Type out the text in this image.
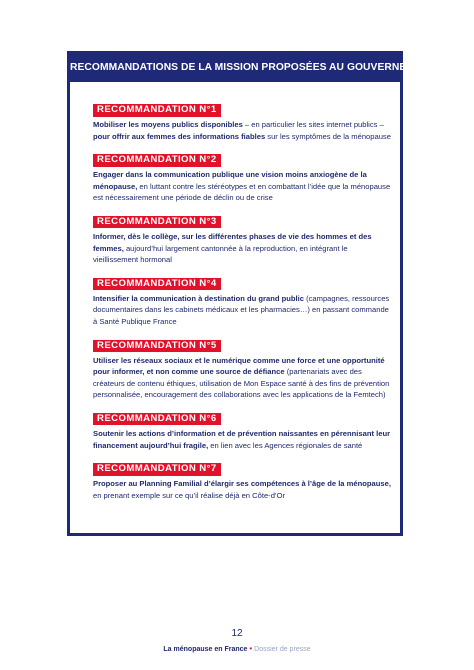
RECOMMANDATIONS DE LA MISSION PROPOSÉES AU GOUVERNEMENT
RECOMMANDATION N°1
Mobiliser les moyens publics disponibles – en particulier les sites internet publics – pour offrir aux femmes des informations fiables sur les symptômes de la ménopause
RECOMMANDATION N°2
Engager dans la communication publique une vision moins anxiogène de la ménopause, en luttant contre les stéréotypes et en combattant l’idée que la ménopause est nécessairement une période de déclin ou de crise
RECOMMANDATION N°3
Informer, dès le collège, sur les différentes phases de vie des hommes et des femmes, aujourd’hui largement cantonnée à la reproduction, en intégrant le vieillissement hormonal
RECOMMANDATION N°4
Intensifier la communication à destination du grand public (campagnes, ressources documentaires dans les cabinets médicaux et les pharmacies…) en passant commande à Santé Publique France
RECOMMANDATION N°5
Utiliser les réseaux sociaux et le numérique comme une force et une opportunité pour informer, et non comme une source de défiance (partenariats avec des créateurs de contenu éthiques, utilisation de Mon Espace santé à des fins de prévention personnalisée, encouragement des collaborations avec les applications de la Femtech)
RECOMMANDATION N°6
Soutenir les actions d’information et de prévention naissantes en pérennisant leur financement aujourd’hui fragile, en lien avec les Agences régionales de santé
RECOMMANDATION N°7
Proposer au Planning Familial d’élargir ses compétences à l’âge de la ménopause, en prenant exemple sur ce qu’il réalise déjà en Côte-d’Or
12
La ménopause en France • Dossier de presse
